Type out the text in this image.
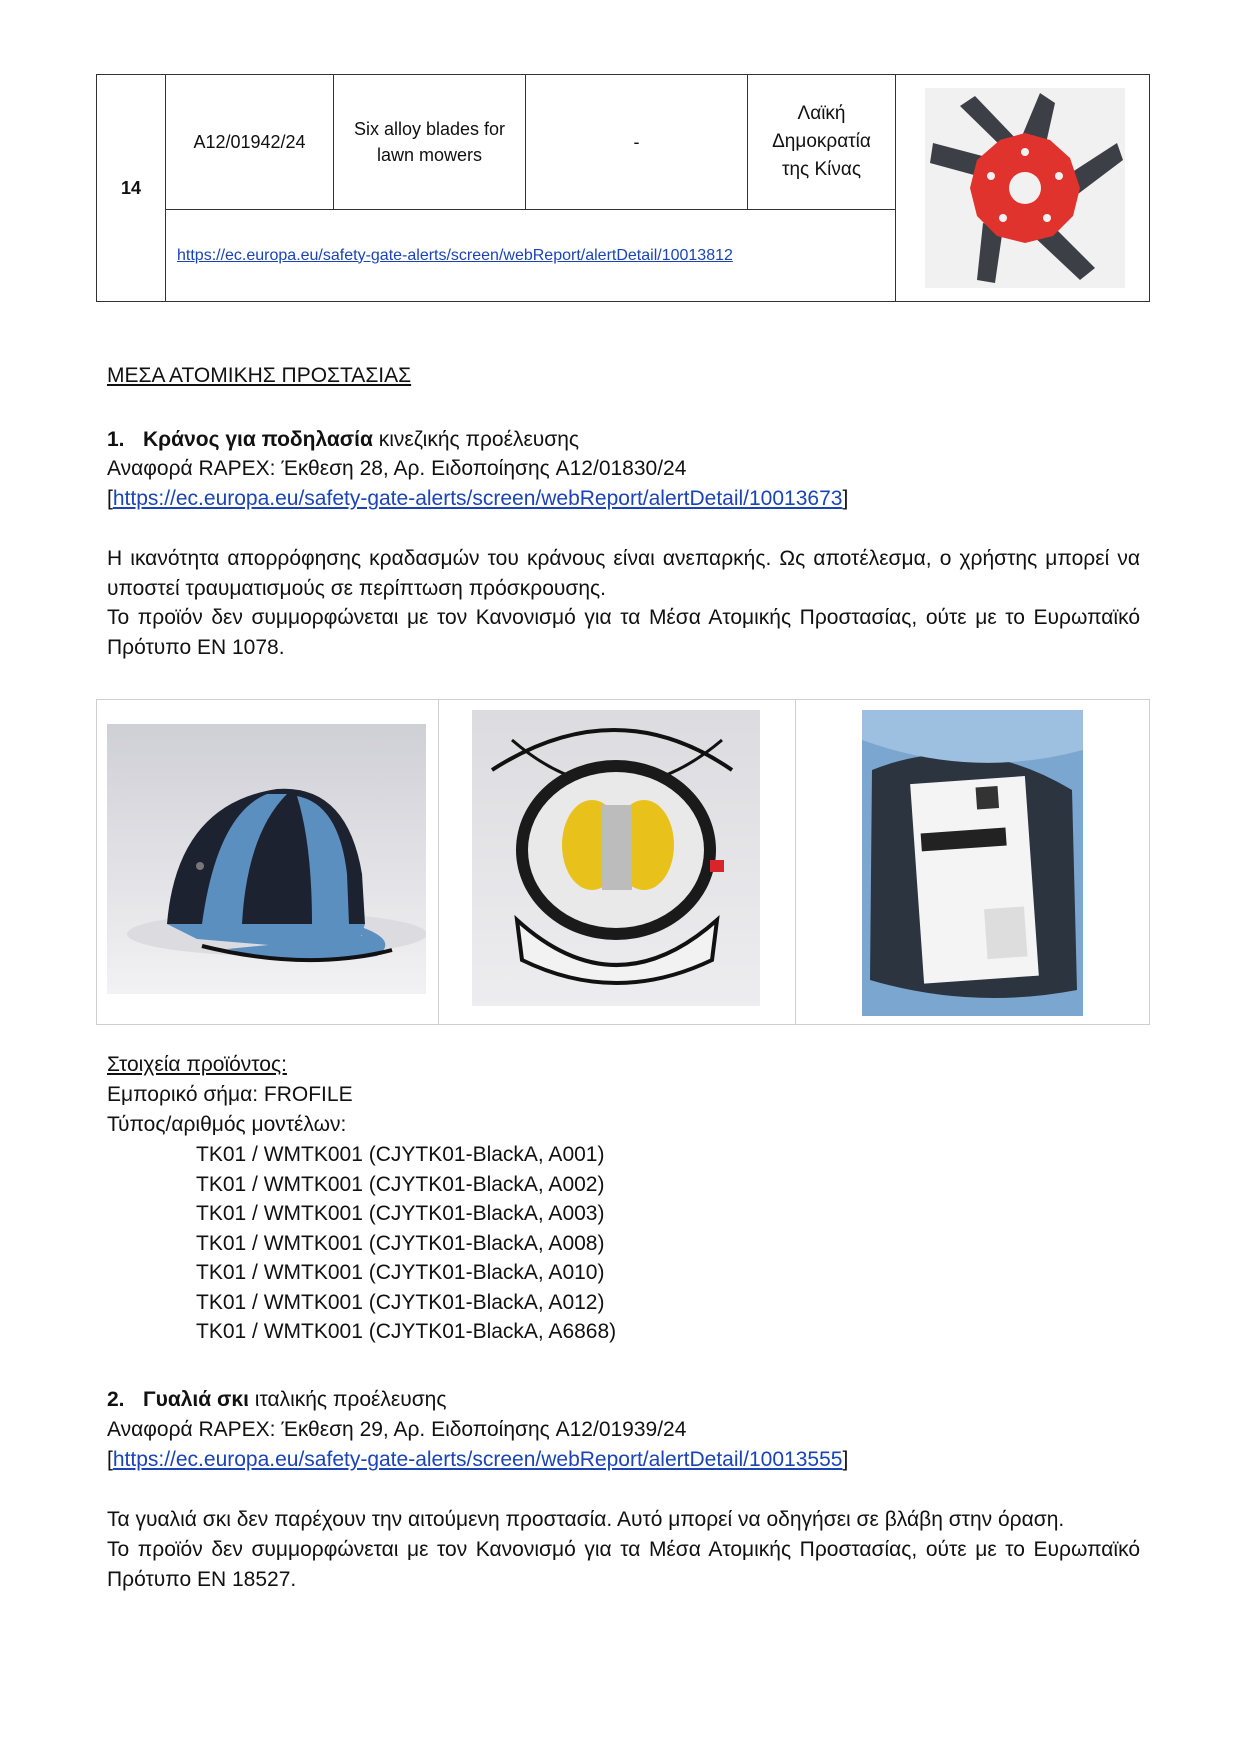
14
A12/01942/24
Six alloy blades for lawn mowers
-
Λαϊκή Δημοκρατία της Κίνας
https://ec.europa.eu/safety-gate-alerts/screen/webReport/alertDetail/10013812
ΜΕΣΑ ΑΤΟΜΙΚΗΣ ΠΡΟΣΤΑΣΙΑΣ
1. Κράνος για ποδηλασία κινεζικής προέλευσης
Αναφορά RAPEX: Έκθεση 28, Αρ. Ειδοποίησης A12/01830/24
[https://ec.europa.eu/safety-gate-alerts/screen/webReport/alertDetail/10013673]
Η ικανότητα απορρόφησης κραδασμών του κράνους είναι ανεπαρκής. Ως αποτέλεσμα, ο χρήστης μπορεί να υποστεί τραυματισμούς σε περίπτωση πρόσκρουσης.
Το προϊόν δεν συμμορφώνεται με τον Κανονισμό για τα Μέσα Ατομικής Προστασίας, ούτε με το Ευρωπαϊκό Πρότυπο EN 1078.
Στοιχεία προϊόντος:
Εμπορικό σήμα: FROFILE
Τύπος/αριθμός μοντέλων:
TK01 / WMTK001 (CJYTK01-BlackA, A001)
TK01 / WMTK001 (CJYTK01-BlackA, A002)
TK01 / WMTK001 (CJYTK01-BlackA, A003)
TK01 / WMTK001 (CJYTK01-BlackA, A008)
TK01 / WMTK001 (CJYTK01-BlackA, A010)
TK01 / WMTK001 (CJYTK01-BlackA, A012)
TK01 / WMTK001 (CJYTK01-BlackA, A6868)
2. Γυαλιά σκι ιταλικής προέλευσης
Αναφορά RAPEX: Έκθεση 29, Αρ. Ειδοποίησης A12/01939/24
[https://ec.europa.eu/safety-gate-alerts/screen/webReport/alertDetail/10013555]
Τα γυαλιά σκι δεν παρέχουν την αιτούμενη προστασία. Αυτό μπορεί να οδηγήσει σε βλάβη στην όραση.
Το προϊόν δεν συμμορφώνεται με τον Κανονισμό για τα Μέσα Ατομικής Προστασίας, ούτε με το Ευρωπαϊκό Πρότυπο EN 18527.
